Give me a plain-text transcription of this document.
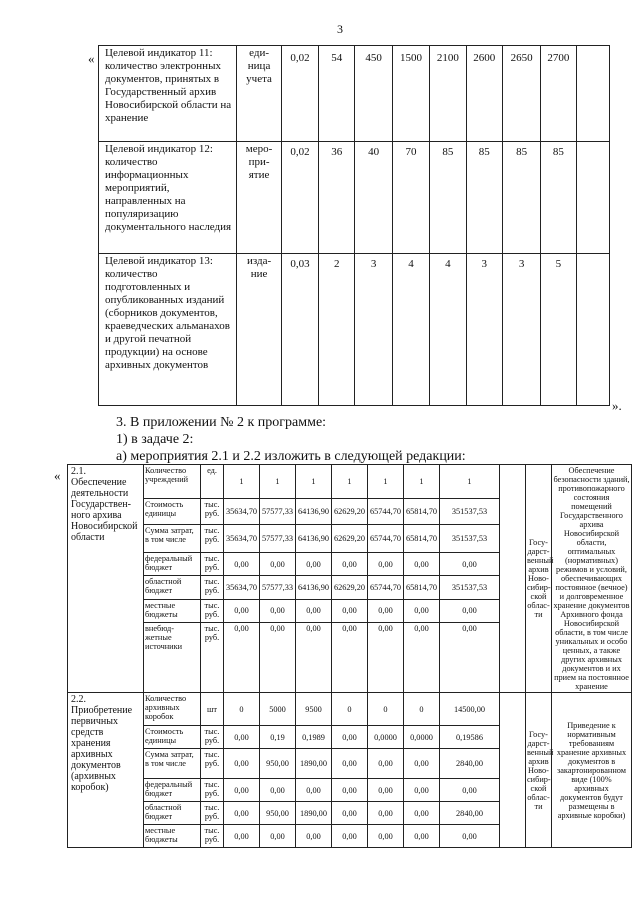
3
« Целевой индикатор 11: количество электронных документов, принятых в Государственный архив Новосибирской области на хранение	еди-ница учета	0,02	54	450	1500	2100	2600	2650	2700	
Целевой индикатор 12: количество информационных мероприятий, направленных на популяризацию документального наследия	меро-при-ятие	0,02	36	40	70	85	85	85	85	
Целевой индикатор 13: количество подготовленных и опубликованных изданий (сборников документов, краеведческих альманахов и другой печатной продукции) на основе архивных документов	изда-ние	0,03	2	3	4	4	3	3	5	
».
3. В приложении № 2 к программе:
1) в задаче 2:
а) мероприятия 2.1 и 2.2 изложить в следующей редакции:
« 2.1. Обеспечение деятельности Государствен-ного архива Новосибирской области	Количество учреждений	ед.	1	1	1	1	1	1	1		Госу-дарст-венный архив Ново-сибир-ской облас-ти	Обеспечение безопасности зданий, противопожарного состояния помещений Государственного архива Новосибирской области, оптимальных (нормативных) режимов и условий, обеспечивающих постоянное (вечное) и долговременное хранение документов Архивного фонда Новосибирской области, в том числе уникальных и особо ценных, а также других архивных документов и их прием на постоянное хранение
	Стоимость единицы	тыс. руб.	35634,70	57577,33	64136,90	62629,20	65744,70	65814,70	351537,53			
	Сумма затрат, в том числе	тыс. руб.	35634,70	57577,33	64136,90	62629,20	65744,70	65814,70	351537,53			
	федеральный бюджет	тыс. руб.	0,00	0,00	0,00	0,00	0,00	0,00	0,00			
	областной бюджет	тыс. руб.	35634,70	57577,33	64136,90	62629,20	65744,70	65814,70	351537,53			
	местные бюджеты	тыс. руб.	0,00	0,00	0,00	0,00	0,00	0,00	0,00			
	внебюд-жетные источники	тыс. руб.	0,00	0,00	0,00	0,00	0,00	0,00	0,00			
2.2. Приобретение первичных средств хранения архивных документов (архивных коробок)	Количество архивных коробок	шт	0	5000	9500	0	0	0	14500,00		Госу-дарст-венный архив Ново-сибир-ской облас-ти	Приведение к нормативным требованиям хранение архивных документов в закартонированном виде (100% архивных документов будут размещены в архивные коробки)
	Стоимость единицы	тыс. руб.	0,00	0,19	0,1989	0,00	0,0000	0,0000	0,19586			
	Сумма затрат, в том числе	тыс. руб.	0,00	950,00	1890,00	0,00	0,00	0,00	2840,00			
	федеральный бюджет	тыс. руб.	0,00	0,00	0,00	0,00	0,00	0,00	0,00			
	областной бюджет	тыс. руб.	0,00	950,00	1890,00	0,00	0,00	0,00	2840,00			
	местные бюджеты	тыс. руб.	0,00	0,00	0,00	0,00	0,00	0,00	0,00			
